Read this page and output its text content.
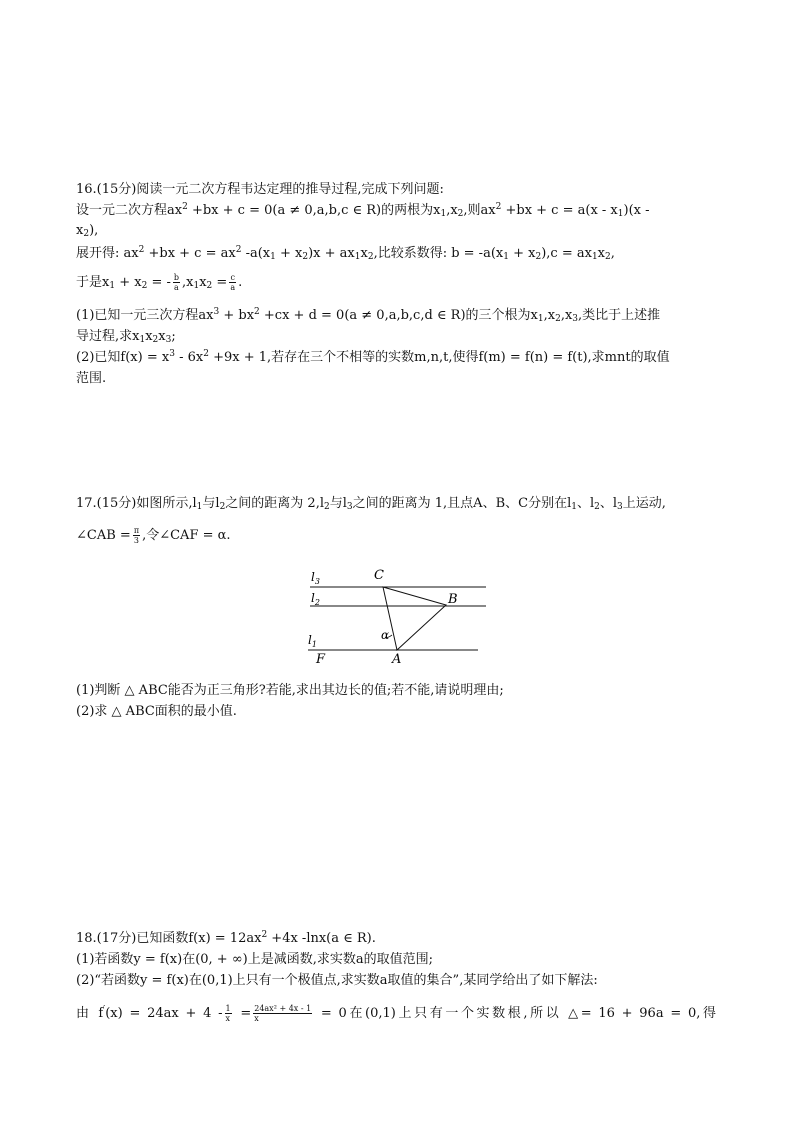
16.(15分)阅读一元二次方程韦达定理的推导过程,完成下列问题:
设一元二次方程$ax^2 +bx + c = 0(a \ne 0,a,b,c$ ∈ R)的两根为$x_1,x_2$,则$ax^2 +bx + c = a(x - x_1)(x$ -
$x_2$),
展开得: $ax^2 +bx + c = ax^2$ $-a(x_1 + x_2)x + ax_1x_2$,比较系数得: $b = -a(x_1 + x_2),c = ax_1x_2$,
于是$x_1 + x_2$ = - $\frac{b}{a} ,x_1x_2 = \frac{c}{a}$ .
(1)已知一元三次方程$ax^3 + bx^2 +cx + d = 0(a \ne 0,a,b,c,d$ ∈ R)的三个根为$x_1,x_2,x_3$,类比于上述推
导过程,求$x_1x_2x_3$;
(2)已知$f(x) = x^3 - 6x^2 +9x + 1$,若存在三个不相等的实数m,n,t,使得f(m) = f(n) = f(t),求mnt的取值
范围.
17.(15分)如图所示$,l_1$与$l_2$之间的距离为 $2,l_2$与$l_3$之间的距离为 1,且点A、B、C分别在$l_1$、$l_2$、$l_3$上运动,
∠CAB = $\frac{\pi}{3}$ ,令∠CAF = α.
$l_3$
$l_2$
$l_1$
C
B
A
F
α
(1)判断 △ ABC能否为正三角形?若能,求出其边长的值;若不能,请说明理由;
(2)求 △ ABC面积的最小值.
18.(17分)已知函数$f(x) = 12ax^2 +4x$ -lnx(a ∈ R).
(1)若函数y = f(x)在(0, + ∞)上是减函数,求实数a的取值范围;
(2)“若函数y = f(x)在(0,1)上只有一个极值点,求实数a取值的集合”,某同学给出了如下解法:
由 $f'(x) = 24ax + 4 - \frac{1}{x} = \frac{\text{24ax² + 4x - 1}}{x} = 0$在(0,1)上只有一个实数根,所以 △= 16 + 96a = 0,得
